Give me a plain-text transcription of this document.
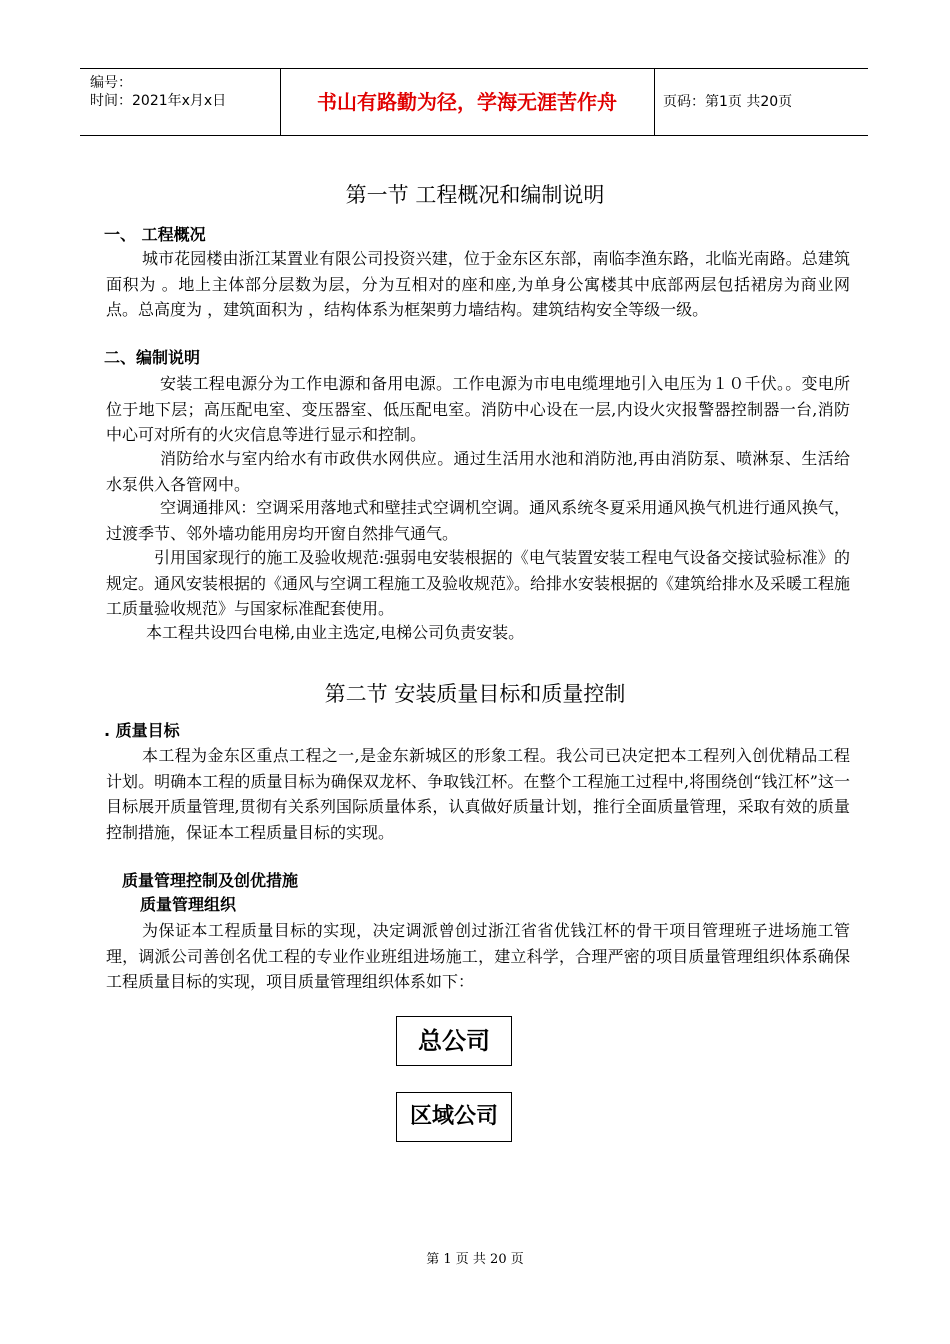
编号：
时间：2021年x月x日	书山有路勤为径，学海无涯苦作舟	页码：第1页 共20页
第一节 工程概况和编制说明
一、 工程概况

城市花园楼由浙江某置业有限公司投资兴建，位于金东区东部，南临李渔东路，北临光南路。总建筑面积为 。地上主体部分层数为层，分为互相对的座和座,为单身公寓楼其中底部两层包括裙房为商业网点。总高度为 ，建筑面积为 ，结构体系为框架剪力墙结构。建筑结构安全等级一级。

二、编制说明

安装工程电源分为工作电源和备用电源。工作电源为市电电缆埋地引入电压为１０千伏。。变电所位于地下层；高压配电室、变压器室、低压配电室。消防中心设在一层,内设火灾报警器控制器一台,消防中心可对所有的火灾信息等进行显示和控制。

消防给水与室内给水有市政供水网供应。通过生活用水池和消防池,再由消防泵、喷淋泵、生活给水泵供入各管网中。

空调通排风：空调采用落地式和壁挂式空调机空调。通风系统冬夏采用通风换气机进行通风换气，过渡季节、邻外墙功能用房均开窗自然排气通气。

引用国家现行的施工及验收规范:强弱电安装根据的《电气装置安装工程电气设备交接试验标准》的规定。通风安装根据的《通风与空调工程施工及验收规范》。给排水安装根据的《建筑给排水及采暖工程施工质量验收规范》与国家标准配套使用。

本工程共设四台电梯,由业主选定,电梯公司负责安装。

第二节 安装质量目标和质量控制
. 质量目标

本工程为金东区重点工程之一,是金东新城区的形象工程。我公司已决定把本工程列入创优精品工程计划。明确本工程的质量目标为确保双龙杯、争取钱江杯。在整个工程施工过程中,将围绕创“钱江杯”这一目标展开质量管理,贯彻有关系列国际质量体系，认真做好质量计划，推行全面质量管理，采取有效的质量控制措施，保证本工程质量目标的实现。

质量管理控制及创优措施
质量管理组织

为保证本工程质量目标的实现，决定调派曾创过浙江省省优钱江杯的骨干项目管理班子进场施工管理，调派公司善创名优工程的专业作业班组进场施工，建立科学，合理严密的项目质量管理组织体系确保工程质量目标的实现，项目质量管理组织体系如下：

总公司
区域公司
第 1 页 共 20 页
